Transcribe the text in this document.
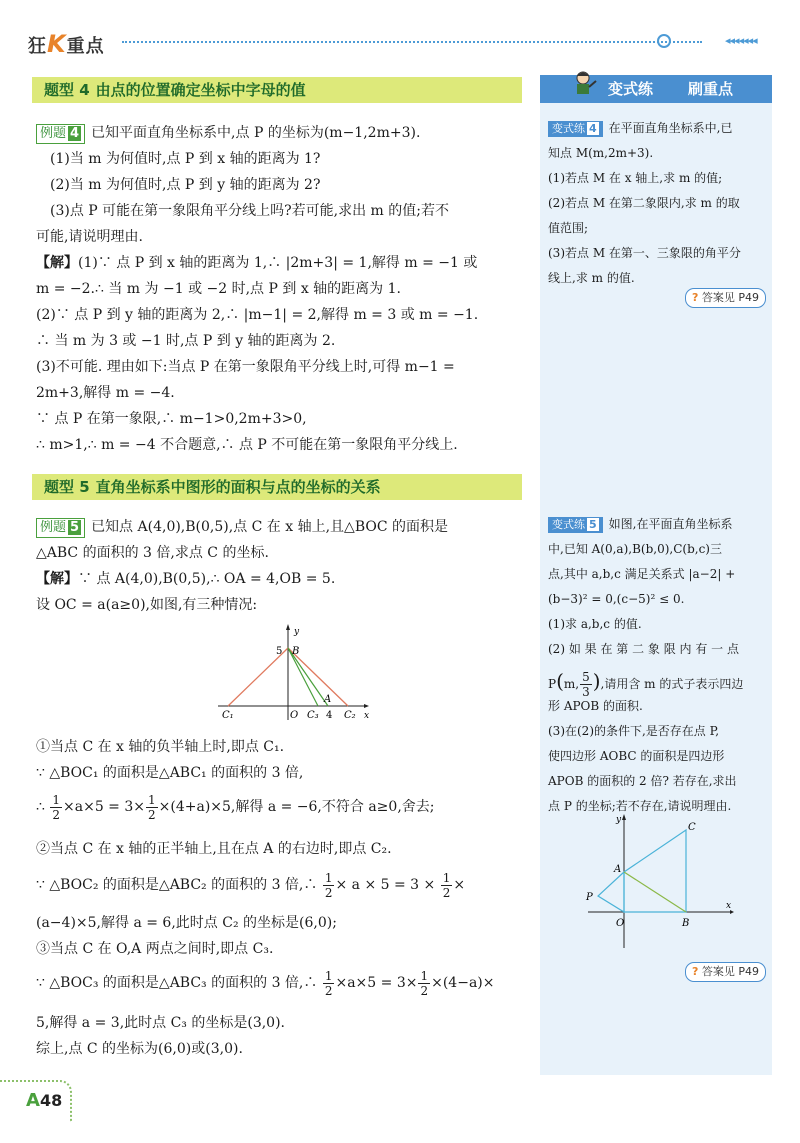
狂K重点	◂◂◂◂◂◂◂
变式练 刷重点
题型 4 由点的位置确定坐标中字母的值
例题 4 已知平面直角坐标系中,点 P 的坐标为(m−1,2m+3).
(1)当 m 为何值时,点 P 到 x 轴的距离为 1?
(2)当 m 为何值时,点 P 到 y 轴的距离为 2?
(3)点 P 可能在第一象限角平分线上吗?若可能,求出 m 的值;若不
可能,请说明理由.
【解】(1)∵ 点 P 到 x 轴的距离为 1,∴ |2m+3| = 1,解得 m = −1 或
m = −2.∴ 当 m 为 −1 或 −2 时,点 P 到 x 轴的距离为 1.
(2)∵ 点 P 到 y 轴的距离为 2,∴ |m−1| = 2,解得 m = 3 或 m = −1.
∴ 当 m 为 3 或 −1 时,点 P 到 y 轴的距离为 2.
(3)不可能. 理由如下:当点 P 在第一象限角平分线上时,可得 m−1 =
2m+3,解得 m = −4.
∵ 点 P 在第一象限,∴ m−1>0,2m+3>0,
∴ m>1,∴ m = −4 不合题意,∴ 点 P 不可能在第一象限角平分线上.
题型 5 直角坐标系中图形的面积与点的坐标的关系
例题 5 已知点 A(4,0),B(0,5),点 C 在 x 轴上,且△BOC 的面积是
△ABC 的面积的 3 倍,求点 C 的坐标.
【解】∵ 点 A(4,0),B(0,5),∴ OA = 4,OB = 5.
设 OC = a(a≥0),如图,有三种情况:
y
x
5 B
O
A
4
C₁	C₂
C₃
①当点 C 在 x 轴的负半轴上时,即点 C₁.
∵ △BOC₁ 的面积是△ABC₁ 的面积的 3 倍,
∴ $\frac{1}{2} \times a\times 5 = 3\times \frac{1}{2} \times(4+a)\times 5$,解得 a = −6,不符合 a≥0,舍去;
②当点 C 在 x 轴的正半轴上,且在点 A 的右边时,即点 C₂.
∵ △BOC₂ 的面积是△ABC₂ 的面积的 3 倍,∴ $\frac{1}{2} \times a \times 5 = 3 \times \frac{1}{2}$ ×
(a−4)×5,解得 a = 6,此时点 C₂ 的坐标是(6,0);
③当点 C 在 O,A 两点之间时,即点 C₃.
∵ △BOC₃ 的面积是△ABC₃ 的面积的 3 倍,∴ $\frac{1}{2} \times a\times 5 = 3\times \frac{1}{2} \times(4-a)\times$
5,解得 a = 3,此时点 C₃ 的坐标是(3,0).
综上,点 C 的坐标为(6,0)或(3,0).
变式练 4 在平面直角坐标系中,已
知点 M(m,2m+3).
(1)若点 M 在 x 轴上,求 m 的值;
(2)若点 M 在第二象限内,求 m 的取
值范围;
(3)若点 M 在第一、三象限的角平分
线上,求 m 的值.
? 答案见 P49
变式练 5 如图,在平面直角坐标系
中,已知 A(0,a),B(b,0),C(b,c)三
点,其中 a,b,c 满足关系式 |a−2| +
(b−3)² = 0,(c−5)² ≤ 0.
(1)求 a,b,c 的值.
(2) 如 果 在 第 二 象 限 内 有 一 点
P(m, $\frac{5}{3}$ ),请用含 m 的式子表示四边
形 APOB 的面积.
(3)在(2)的条件下,是否存在点 P,
使四边形 AOBC 的面积是四边形
APOB 的面积的 2 倍? 若存在,求出
点 P 的坐标;若不存在,请说明理由.
y
x
C
A
P
O	B
? 答案见 P49
A48
